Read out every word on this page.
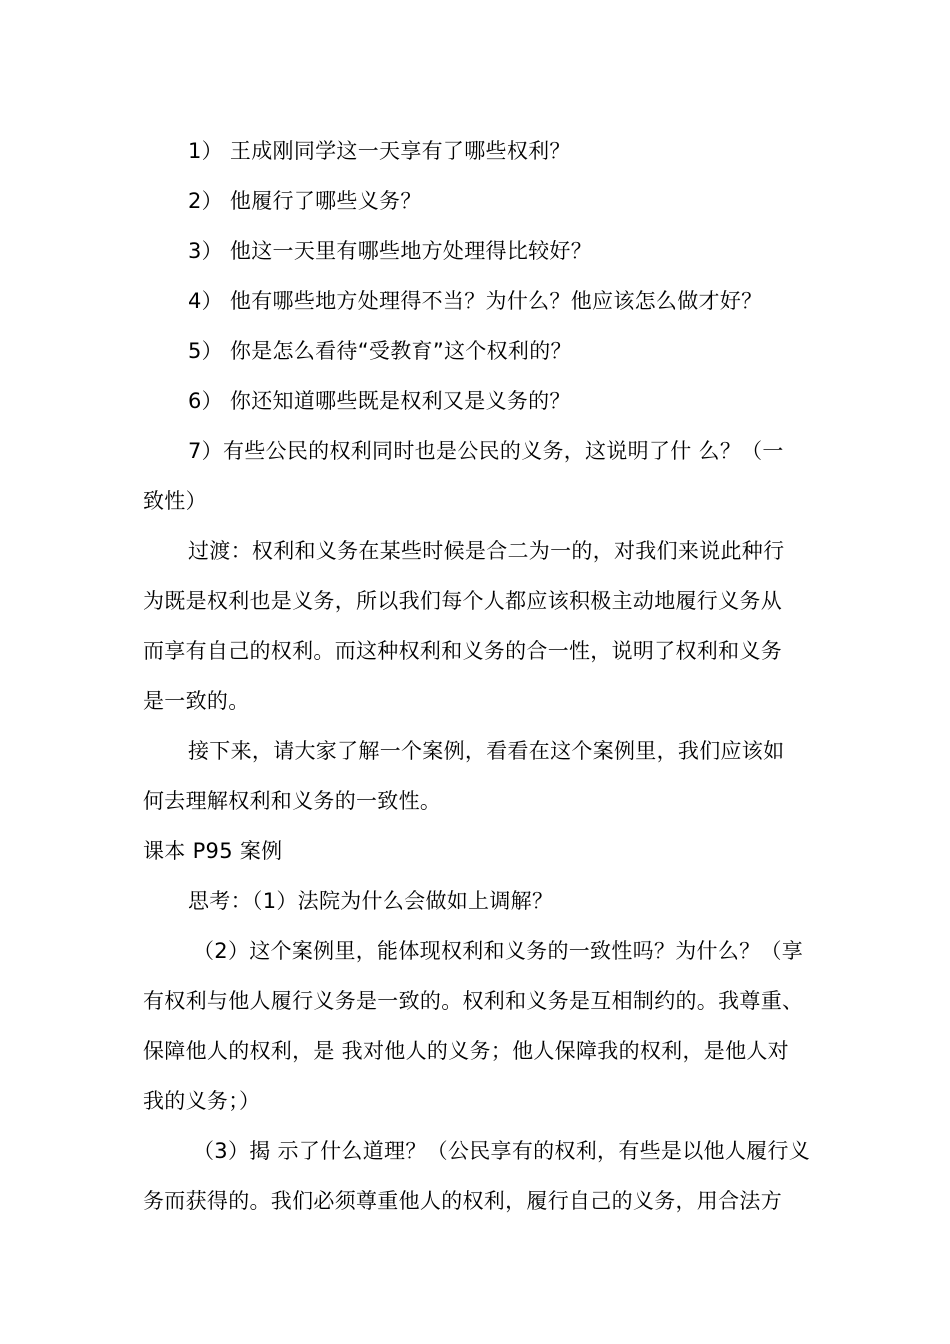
1） 王成刚同学这一天享有了哪些权利？
2） 他履行了哪些义务？
3） 他这一天里有哪些地方处理得比较好？
4） 他有哪些地方处理得不当？为什么？他应该怎么做才好？
5） 你是怎么看待“受教育”这个权利的？
6） 你还知道哪些既是权利又是义务的？
7）有些公民的权利同时也是公民的义务，这说明了什 么？（一
致性）
过渡：权利和义务在某些时候是合二为一的，对我们来说此种行
为既是权利也是义务，所以我们每个人都应该积极主动地履行义务从
而享有自己的权利。而这种权利和义务的合一性，说明了权利和义务
是一致的。
接下来，请大家了解一个案例，看看在这个案例里，我们应该如
何去理解权利和义务的一致性。
课本 P95 案例
思考：（1）法院为什么会做如上调解？
（2）这个案例里，能体现权利和义务的一致性吗？为什么？（享
有权利与他人履行义务是一致的。权利和义务是互相制约的。我尊重、
保障他人的权利，是 我对他人的义务；他人保障我的权利，是他人对
我的义务；）
（3）揭 示了什么道理？（公民享有的权利，有些是以他人履行义
务而获得的。我们必须尊重他人的权利，履行自己的义务，用合法方
